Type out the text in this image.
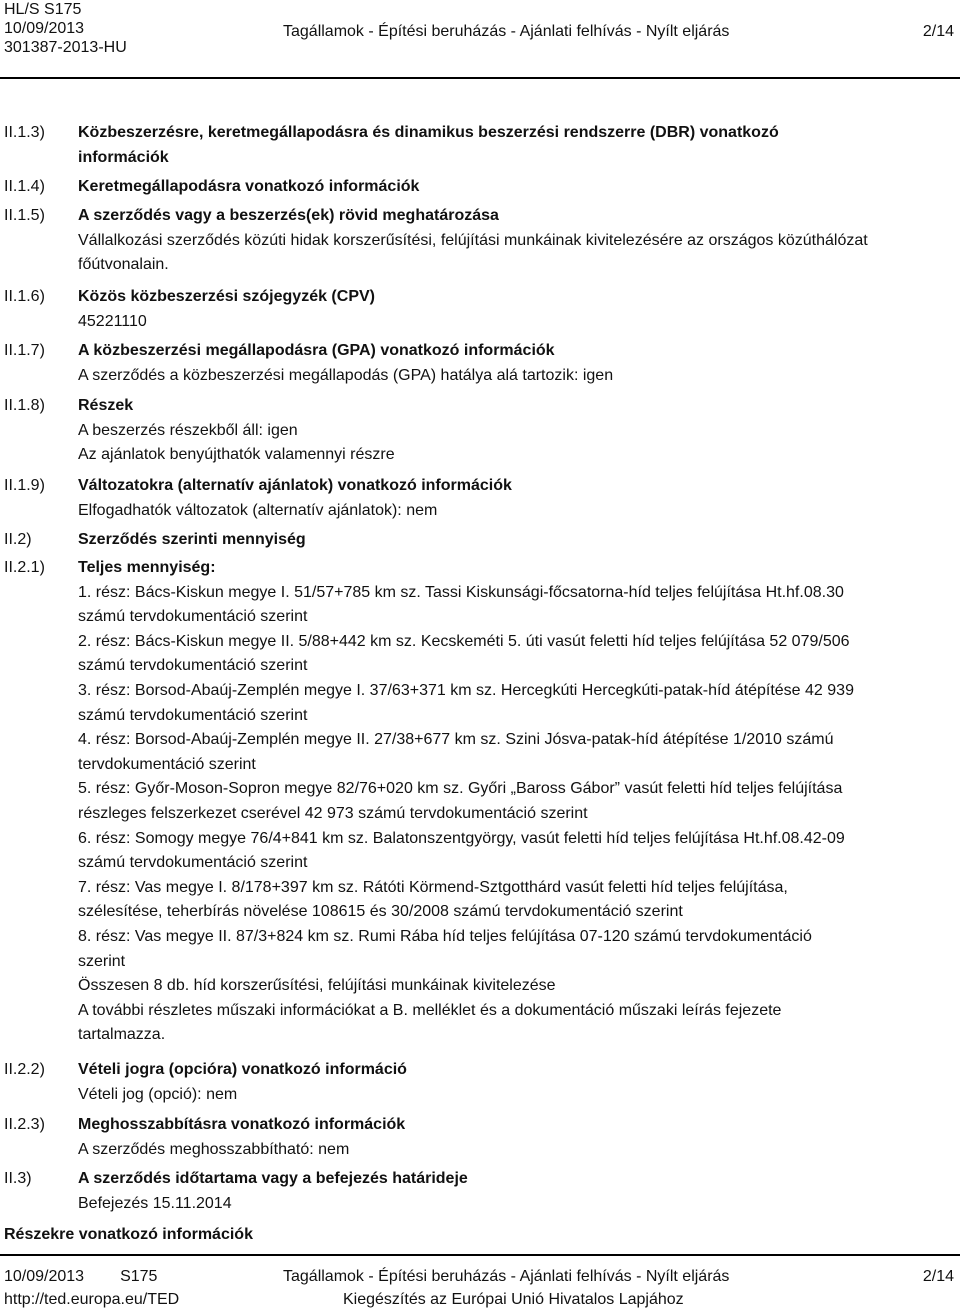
HL/S S175
10/09/2013
301387-2013-HU
Tagállamok - Építési beruházás - Ajánlati felhívás - Nyílt eljárás	2/14
II.1.3)
II.1.4)
II.1.5)
II.1.6)
II.1.7)
II.1.8)
II.1.9)
II.2)
II.2.1)
II.2.2)
II.2.3)
II.3)
Közbeszerzésre, keretmegállapodásra és dinamikus beszerzési rendszerre (DBR) vonatkozó
információk
Keretmegállapodásra vonatkozó információk
A szerződés vagy a beszerzés(ek) rövid meghatározása
Vállalkozási szerződés közúti hidak korszerűsítési, felújítási munkáinak kivitelezésére az országos közúthálózat
főútvonalain.
Közös közbeszerzési szójegyzék (CPV)
45221110
A közbeszerzési megállapodásra (GPA) vonatkozó információk
A szerződés a közbeszerzési megállapodás (GPA) hatálya alá tartozik: igen
Részek
A beszerzés részekből áll: igen
Az ajánlatok benyújthatók valamennyi részre
Változatokra (alternatív ajánlatok) vonatkozó információk
Elfogadhatók változatok (alternatív ajánlatok): nem
Szerződés szerinti mennyiség
Teljes mennyiség:
1. rész: Bács-Kiskun megye I. 51/57+785 km sz. Tassi Kiskunsági-főcsatorna-híd teljes felújítása Ht.hf.08.30
számú tervdokumentáció szerint
2. rész: Bács-Kiskun megye II. 5/88+442 km sz. Kecskeméti 5. úti vasút feletti híd teljes felújítása 52 079/506
számú tervdokumentáció szerint
3. rész: Borsod-Abaúj-Zemplén megye I. 37/63+371 km sz. Hercegkúti Hercegkúti-patak-híd átépítése 42 939
számú tervdokumentáció szerint
4. rész: Borsod-Abaúj-Zemplén megye II. 27/38+677 km sz. Szini Jósva-patak-híd átépítése 1/2010 számú
tervdokumentáció szerint
5. rész: Győr-Moson-Sopron megye 82/76+020 km sz. Győri „Baross Gábor” vasút feletti híd teljes felújítása
részleges felszerkezet cserével 42 973 számú tervdokumentáció szerint
6. rész: Somogy megye 76/4+841 km sz. Balatonszentgyörgy, vasút feletti híd teljes felújítása Ht.hf.08.42-09
számú tervdokumentáció szerint
7. rész: Vas megye I. 8/178+397 km sz. Rátóti Körmend-Sztgotthárd vasút feletti híd teljes felújítása,
szélesítése, teherbírás növelése 108615 és 30/2008 számú tervdokumentáció szerint
8. rész: Vas megye II. 87/3+824 km sz. Rumi Rába híd teljes felújítása 07-120 számú tervdokumentáció
szerint
Összesen 8 db. híd korszerűsítési, felújítási munkáinak kivitelezése
A további részletes műszaki információkat a B. melléklet és a dokumentáció műszaki leírás fejezete
tartalmazza.
Vételi jogra (opcióra) vonatkozó információ
Vételi jog (opció): nem
Meghosszabbításra vonatkozó információk
A szerződés meghosszabbítható: nem
A szerződés időtartama vagy a befejezés határideje
Befejezés 15.11.2014
Részekre vonatkozó információk
10/09/2013 S175
http://ted.europa.eu/TED
Tagállamok - Építési beruházás - Ajánlati felhívás - Nyílt eljárás
Kiegészítés az Európai Unió Hivatalos Lapjához
2/14
